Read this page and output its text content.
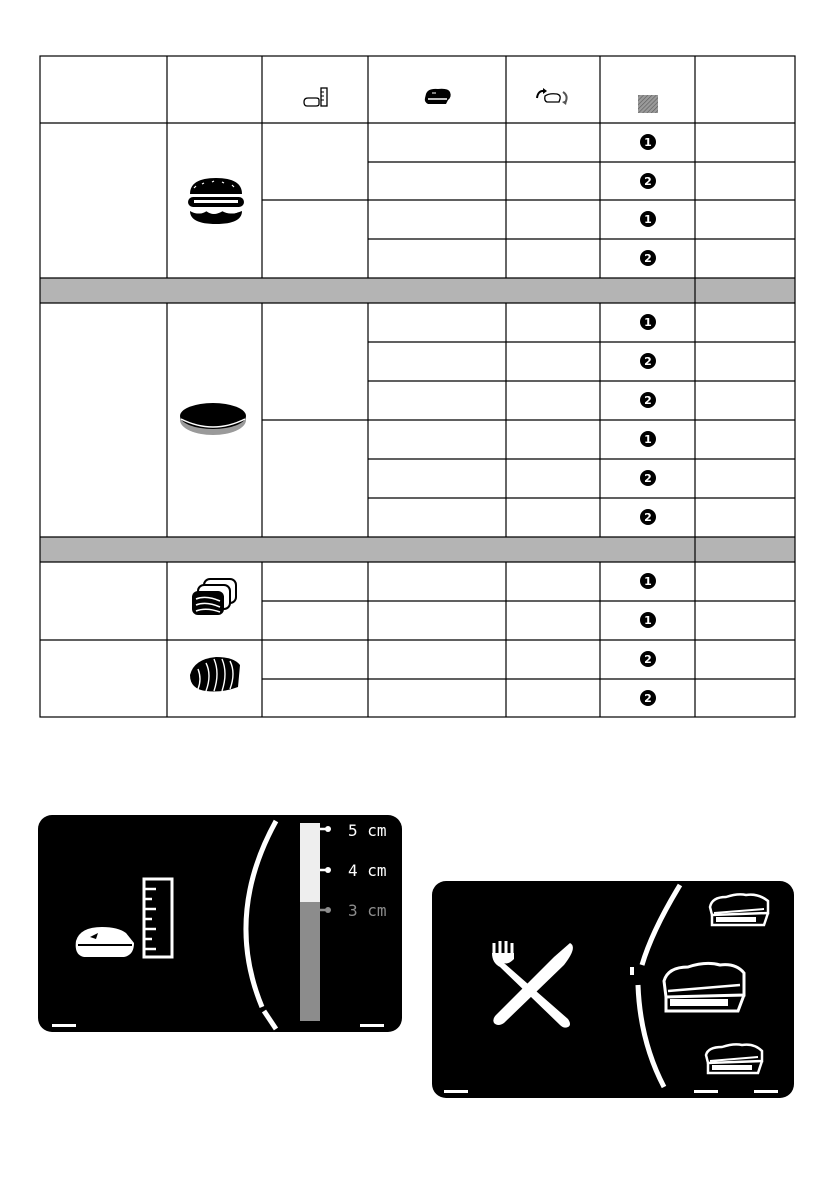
1
2
1
2
1
2
2
1
2
2
1
1
2
2
5 cm
4 cm
3 cm
